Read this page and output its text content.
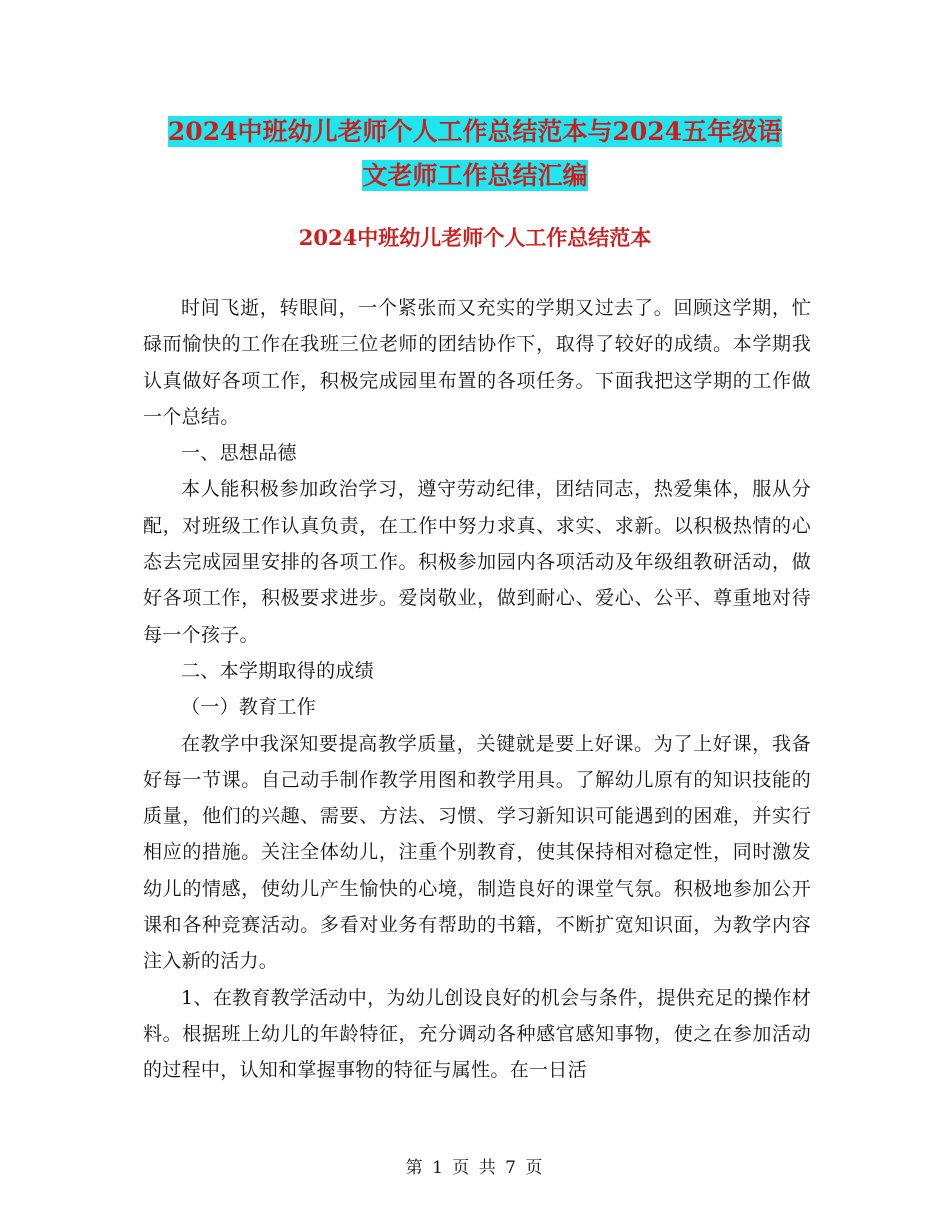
2024中班幼儿老师个人工作总结范本与2024五年级语
文老师工作总结汇编
2024中班幼儿老师个人工作总结范本

时间飞逝，转眼间，一个紧张而又充实的学期又过去了。回顾这学期，忙碌而愉快的工作在我班三位老师的团结协作下，取得了较好的成绩。本学期我认真做好各项工作，积极完成园里布置的各项任务。下面我把这学期的工作做一个总结。

一、思想品德

本人能积极参加政治学习，遵守劳动纪律，团结同志，热爱集体，服从分配，对班级工作认真负责，在工作中努力求真、求实、求新。以积极热情的心态去完成园里安排的各项工作。积极参加园内各项活动及年级组教研活动，做好各项工作，积极要求进步。爱岗敬业，做到耐心、爱心、公平、尊重地对待每一个孩子。

二、本学期取得的成绩

（一）教育工作

在教学中我深知要提高教学质量，关键就是要上好课。为了上好课，我备好每一节课。自己动手制作教学用图和教学用具。了解幼儿原有的知识技能的质量，他们的兴趣、需要、方法、习惯、学习新知识可能遇到的困难，并实行相应的措施。关注全体幼儿，注重个别教育，使其保持相对稳定性，同时激发幼儿的情感，使幼儿产生愉快的心境，制造良好的课堂气氛。积极地参加公开课和各种竞赛活动。多看对业务有帮助的书籍，不断扩宽知识面，为教学内容注入新的活力。

1、在教育教学活动中，为幼儿创设良好的机会与条件，提供充足的操作材料。根据班上幼儿的年龄特征，充分调动各种感官感知事物，使之在参加活动的过程中，认知和掌握事物的特征与属性。在一日活

第 1 页 共 7 页
